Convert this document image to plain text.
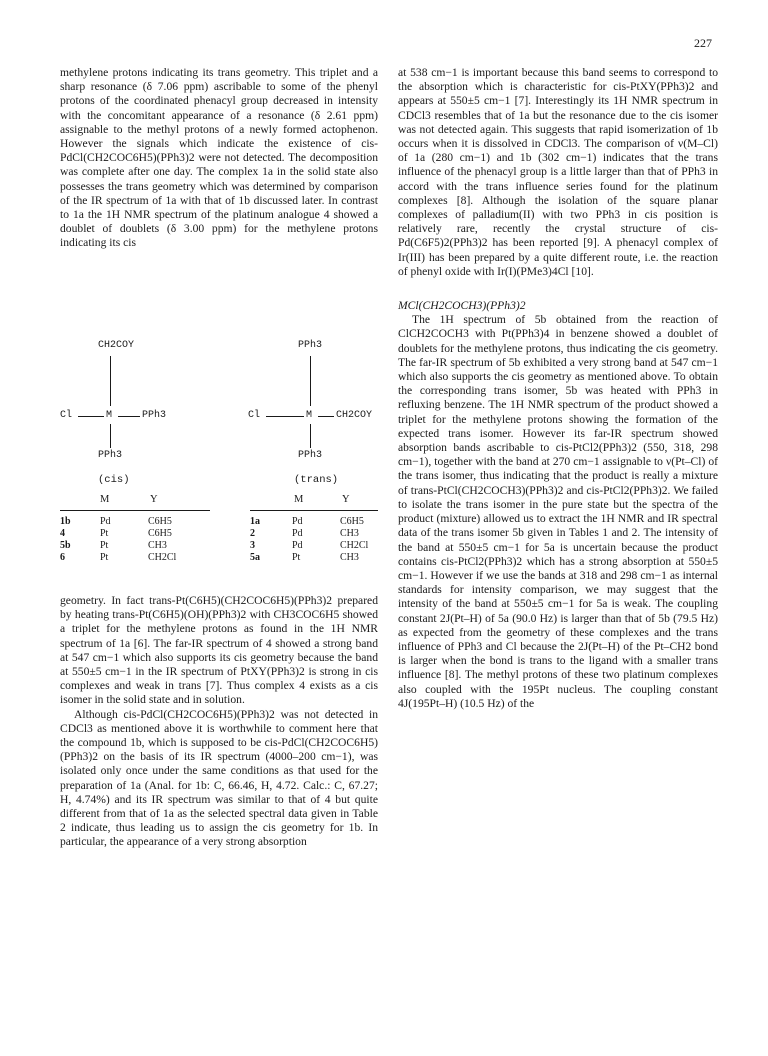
227

methylene protons indicating its trans geometry. This triplet and a sharp resonance (δ 7.06 ppm) ascribable to some of the phenyl protons of the coordinated phenacyl group decreased in intensity with the concomitant appearance of a resonance (δ 2.61 ppm) assignable to the methyl protons of a newly formed actophenon. However the signals which indicate the existence of cis-PdCl(CH2COC6H5)(PPh3)2 were not detected. The decomposition was complete after one day. The complex 1a in the solid state also possesses the trans geometry which was determined by comparison of the IR spectrum of 1a with that of 1b discussed later. In contrast to 1a the 1H NMR spectrum of the platinum analogue 4 showed a doublet of doublets (δ 3.00 ppm) for the methylene protons indicating its cis

CH2COY
Cl	M	PPh3
PPh3
(cis)
PPh3
Cl	M CH2COY
PPh3
(trans)
M	Y	M	Y
1b	Pd	C6H5
4	Pt	C6H5
5b	Pt	CH3
6	Pt	CH2Cl
1a	Pd	C6H5
2	Pd	CH3
3	Pd	CH2Cl
5a	Pt	CH3

geometry. In fact trans-Pt(C6H5)(CH2COC6H5)(PPh3)2 prepared by heating trans-Pt(C6H5)(OH)(PPh3)2 with CH3COC6H5 showed a triplet for the methylene protons as found in the 1H NMR spectrum of 1a [6]. The far-IR spectrum of 4 showed a strong band at 547 cm−1 which also supports its cis geometry because the band at 550±5 cm−1 in the IR spectrum of PtXY(PPh3)2 is strong in cis complexes and weak in trans [7]. Thus complex 4 exists as a cis isomer in the solid state and in solution.

Although cis-PdCl(CH2COC6H5)(PPh3)2 was not detected in CDCl3 as mentioned above it is worthwhile to comment here that the compound 1b, which is supposed to be cis-PdCl(CH2COC6H5)(PPh3)2 on the basis of its IR spectrum (4000–200 cm−1), was isolated only once under the same conditions as that used for the preparation of 1a (Anal. for 1b: C, 66.46, H, 4.72. Calc.: C, 67.27; H, 4.74%) and its IR spectrum was similar to that of 4 but quite different from that of 1a as the selected spectral data given in Table 2 indicate, thus leading us to assign the cis geometry for 1b. In particular, the appearance of a very strong absorption

at 538 cm−1 is important because this band seems to correspond to the absorption which is characteristic for cis-PtXY(PPh3)2 and appears at 550±5 cm−1 [7]. Interestingly its 1H NMR spectrum in CDCl3 resembles that of 1a but the resonance due to the cis isomer was not detected again. This suggests that rapid isomerization of 1b occurs when it is dissolved in CDCl3. The comparison of ν(M–Cl) of 1a (280 cm−1) and 1b (302 cm−1) indicates that the trans influence of the phenacyl group is a little larger than that of PPh3 in accord with the trans influence series found for the platinum complexes [8]. Although the isolation of the square planar complexes of palladium(II) with two PPh3 in cis position is relatively rare, recently the crystal structure of cis-Pd(C6F5)2(PPh3)2 has been reported [9]. A phenacyl complex of Ir(III) has been prepared by a quite different route, i.e. the reaction of phenyl oxide with Ir(I)(PMe3)4Cl [10].

MCl(CH2COCH3)(PPh3)2

The 1H spectrum of 5b obtained from the reaction of ClCH2COCH3 with Pt(PPh3)4 in benzene showed a doublet of doublets for the methylene protons, thus indicating the cis geometry. The far-IR spectrum of 5b exhibited a very strong band at 547 cm−1 which also supports the cis geometry as mentioned above. To obtain the corresponding trans isomer, 5b was heated with PPh3 in refluxing benzene. The 1H NMR spectrum of the product showed a triplet for the methylene protons showing the formation of the expected trans isomer. However its far-IR spectrum showed absorption bands ascribable to cis-PtCl2(PPh3)2 (550, 318, 298 cm−1), together with the band at 270 cm−1 assignable to ν(Pt–Cl) of the trans isomer, thus indicating that the product is really a mixture of trans-PtCl(CH2COCH3)(PPh3)2 and cis-PtCl2(PPh3)2. We failed to isolate the trans isomer in the pure state but the spectra of the product (mixture) allowed us to extract the 1H NMR and IR spectral data of the trans isomer 5b given in Tables 1 and 2. The intensity of the band at 550±5 cm−1 for 5a is uncertain because the product contains cis-PtCl2(PPh3)2 which has a strong absorption at 550±5 cm−1. However if we use the bands at 318 and 298 cm−1 as internal standards for intensity comparison, we may suggest that the intensity of the band at 550±5 cm−1 for 5a is weak. The coupling constant 2J(Pt–H) of 5a (90.0 Hz) is larger than that of 5b (79.5 Hz) as expected from the geometry of these complexes and the trans influence of PPh3 and Cl because the 2J(Pt–H) of the Pt–CH2 bond is larger when the bond is trans to the ligand with a smaller trans influence [8]. The methyl protons of these two platinum complexes also coupled with the 195Pt nucleus. The coupling constant 4J(195Pt–H) (10.5 Hz) of the
